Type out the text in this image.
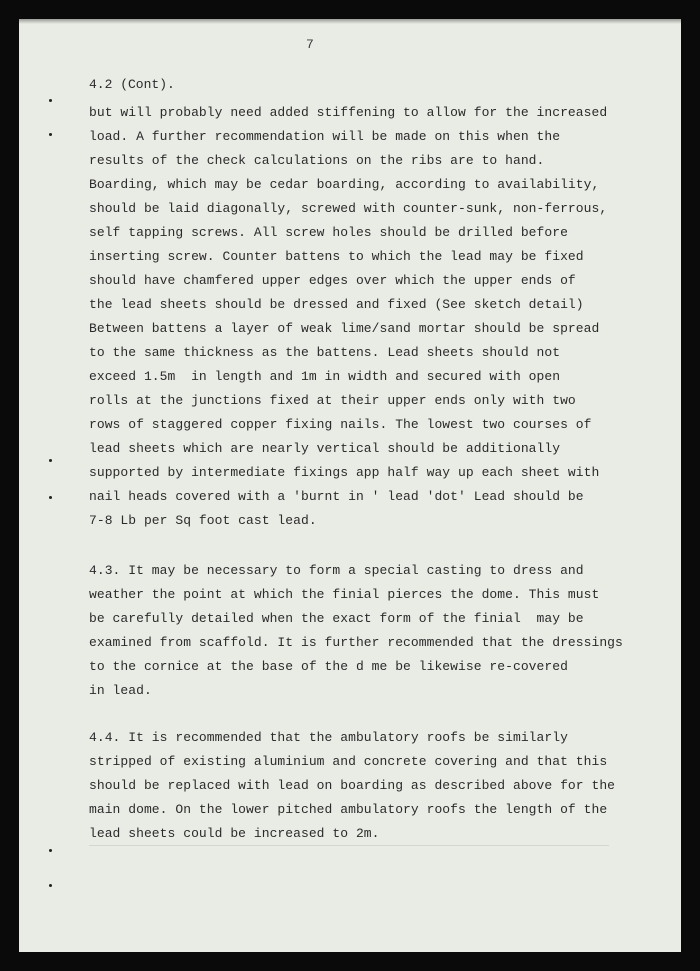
7
4.2 (Cont).
but will probably need added stiffening to allow for the increased
load. A further recommendation will be made on this when the
results of the check calculations on the ribs are to hand.
Boarding, which may be cedar boarding, according to availability,
should be laid diagonally, screwed with counter-sunk, non-ferrous,
self tapping screws. All screw holes should be drilled before
inserting screw. Counter battens to which the lead may be fixed
should have chamfered upper edges over which the upper ends of
the lead sheets should be dressed and fixed (See sketch detail)
Between battens a layer of weak lime/sand mortar should be spread
to the same thickness as the battens. Lead sheets should not
exceed 1.5m  in length and 1m in width and secured with open
rolls at the junctions fixed at their upper ends only with two
rows of staggered copper fixing nails. The lowest two courses of
lead sheets which are nearly vertical should be additionally
supported by intermediate fixings app half way up each sheet with
nail heads covered with a 'burnt in ' lead 'dot' Lead should be
7-8 Lb per Sq foot cast lead.
4.3. It may be necessary to form a special casting to dress and
weather the point at which the finial pierces the dome. This must
be carefully detailed when the exact form of the finial  may be
examined from scaffold. It is further recommended that the dressings
to the cornice at the base of the d me be likewise re-covered
in lead.
4.4. It is recommended that the ambulatory roofs be similarly
stripped of existing aluminium and concrete covering and that this
should be replaced with lead on boarding as described above for the
main dome. On the lower pitched ambulatory roofs the length of the
lead sheets could be increased to 2m.
